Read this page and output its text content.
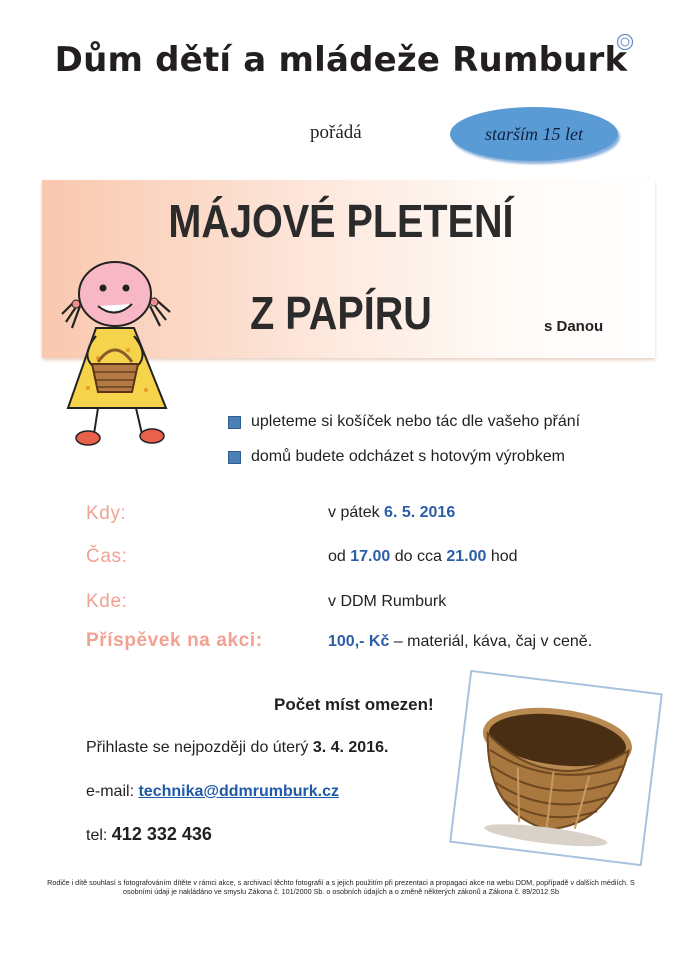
Dům dětí a mládeže Rumburk
pořádá	starším 15 let
MÁJOVÉ PLETENÍ
Z PAPÍRU	s Danou
upleteme si košíček nebo tác dle vašeho přání
domů budete odcházet s hotovým výrobkem
Kdy:	v pátek 6. 5. 2016
Čas:	od 17.00 do cca 21.00 hod
Kde:	v DDM Rumburk
Příspěvek na akci:	100,- Kč – materiál, káva, čaj v ceně.
Počet míst omezen!
Přihlaste se nejpozději do úterý 3. 4. 2016.
e-mail: technika@ddmrumburk.cz
tel: 412 332 436
Rodiče i dítě souhlasí s fotografováním dítěte v rámci akce, s archivací těchto fotografií a s jejich použitím při prezentaci a propagaci akce na webu DDM, popřípadě v dalších médiích. S osobními údaji je nakládáno ve smyslu Zákona č. 101/2000 Sb. o osobních údajích a o změně některých zákonů a Zákona č. 89/2012 Sb
